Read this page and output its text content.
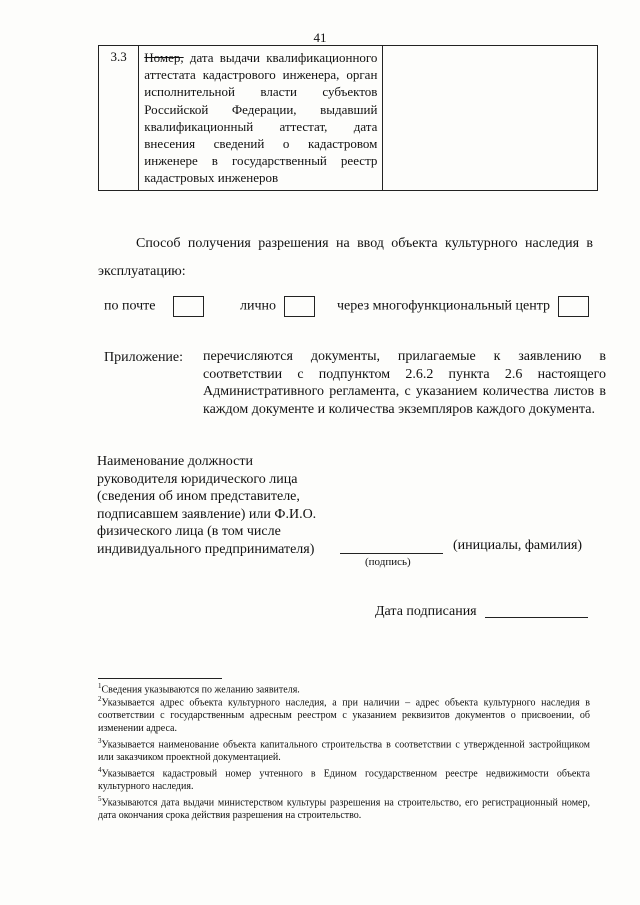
41
3.3	Номер, дата выдачи квалификационного аттестата кадастрового инженера, орган исполнительной власти субъектов Российской Федерации, выдавший квалификационный аттестат, дата внесения сведений о кадастровом инженере в государственный реестр кадастровых инженеров	
Способ получения разрешения на ввод объекта культурного наследия в эксплуатацию:
по почте	лично	через многофункциональный центр
Приложение: перечисляются документы, прилагаемые к заявлению в соответствии с подпунктом 2.6.2 пункта 2.6 настоящего Административного регламента, с указанием количества листов в каждом документе и количества экземпляров каждого документа.
Наименование должности
руководителя юридического лица
(сведения об ином представителе,
подписавшем заявление) или Ф.И.О.
физического лица (в том числе
индивидуального предпринимателя)	(инициалы, фамилия)
(подпись)
Дата подписания
$^1$Сведения указываются по желанию заявителя.
$^2$Указывается адрес объекта культурного наследия, а при наличии – адрес объекта культурного наследия в соответствии с государственным адресным реестром с указанием реквизитов документов о присвоении, об изменении адреса.
$^3$Указывается наименование объекта капитального строительства в соответствии с утвержденной застройщиком или заказчиком проектной документацией.
$^4$Указывается кадастровый номер учтенного в Едином государственном реестре недвижимости объекта культурного наследия.
$^5$Указываются дата выдачи министерством культуры разрешения на строительство, его регистрационный номер, дата окончания срока действия разрешения на строительство.
